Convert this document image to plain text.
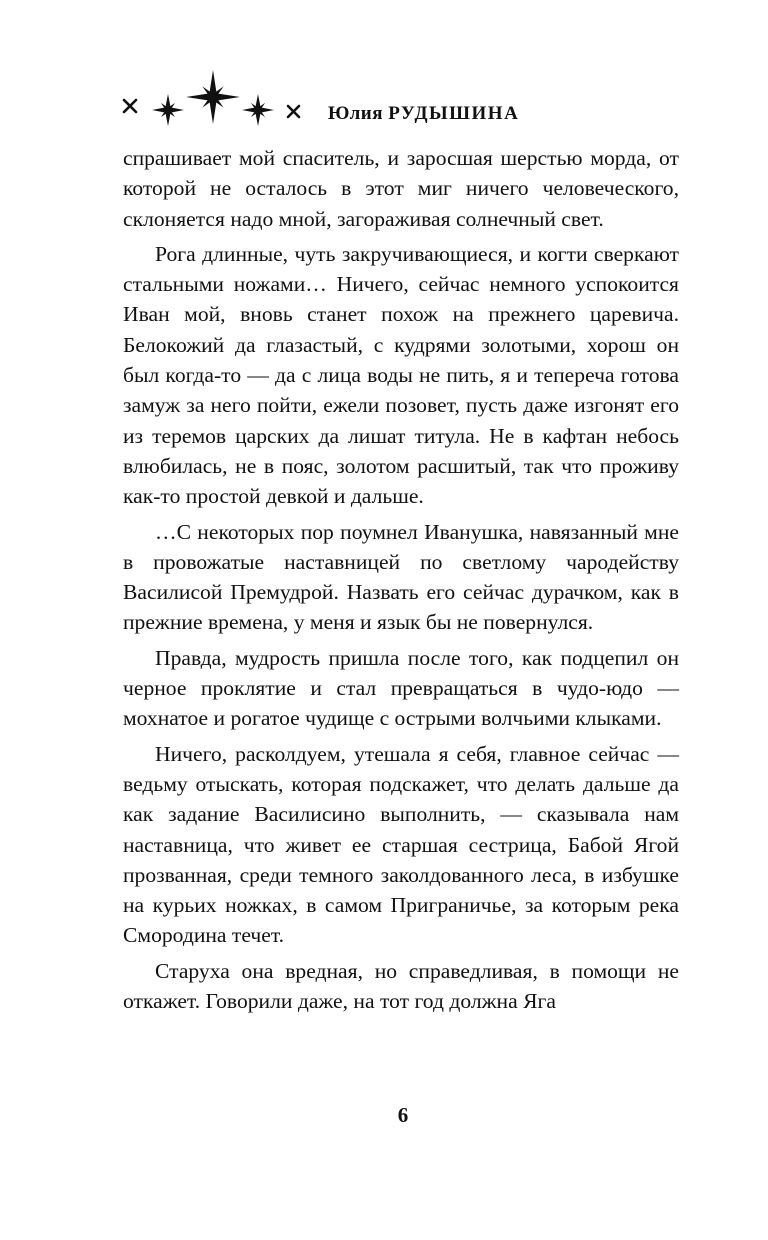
Юлия РУДЫШИНА

спрашивает мой спаситель, и заросшая шерстью морда, от которой не осталось в этот миг ничего человеческого, склоняется надо мной, загораживая солнечный свет.

Рога длинные, чуть закручивающиеся, и когти сверкают стальными ножами… Ничего, сейчас немного успокоится Иван мой, вновь станет похож на прежнего царевича. Белокожий да глазастый, с кудрями золотыми, хорош он был когда-то — да с лица воды не пить, я и тепереча готова замуж за него пойти, ежели позовет, пусть даже изгонят его из теремов царских да лишат титула. Не в кафтан небось влюбилась, не в пояс, золотом расшитый, так что проживу как-то простой девкой и дальше.

…С некоторых пор поумнел Иванушка, навязанный мне в провожатые наставницей по светлому чародейству Василисой Премудрой. Назвать его сейчас дурачком, как в прежние времена, у меня и язык бы не повернулся.

Правда, мудрость пришла после того, как подцепил он черное проклятие и стал превращаться в чудо-юдо — мохнатое и рогатое чудище с острыми волчьими клыками.

Ничего, расколдуем, утешала я себя, главное сейчас — ведьму отыскать, которая подскажет, что делать дальше да как задание Василисино выполнить, — сказывала нам наставница, что живет ее старшая сестрица, Бабой Ягой прозванная, среди темного заколдованного леса, в избушке на курьих ножках, в самом Приграничье, за которым река Смородина течет.

Старуха она вредная, но справедливая, в помощи не откажет. Говорили даже, на тот год должна Яга

6
